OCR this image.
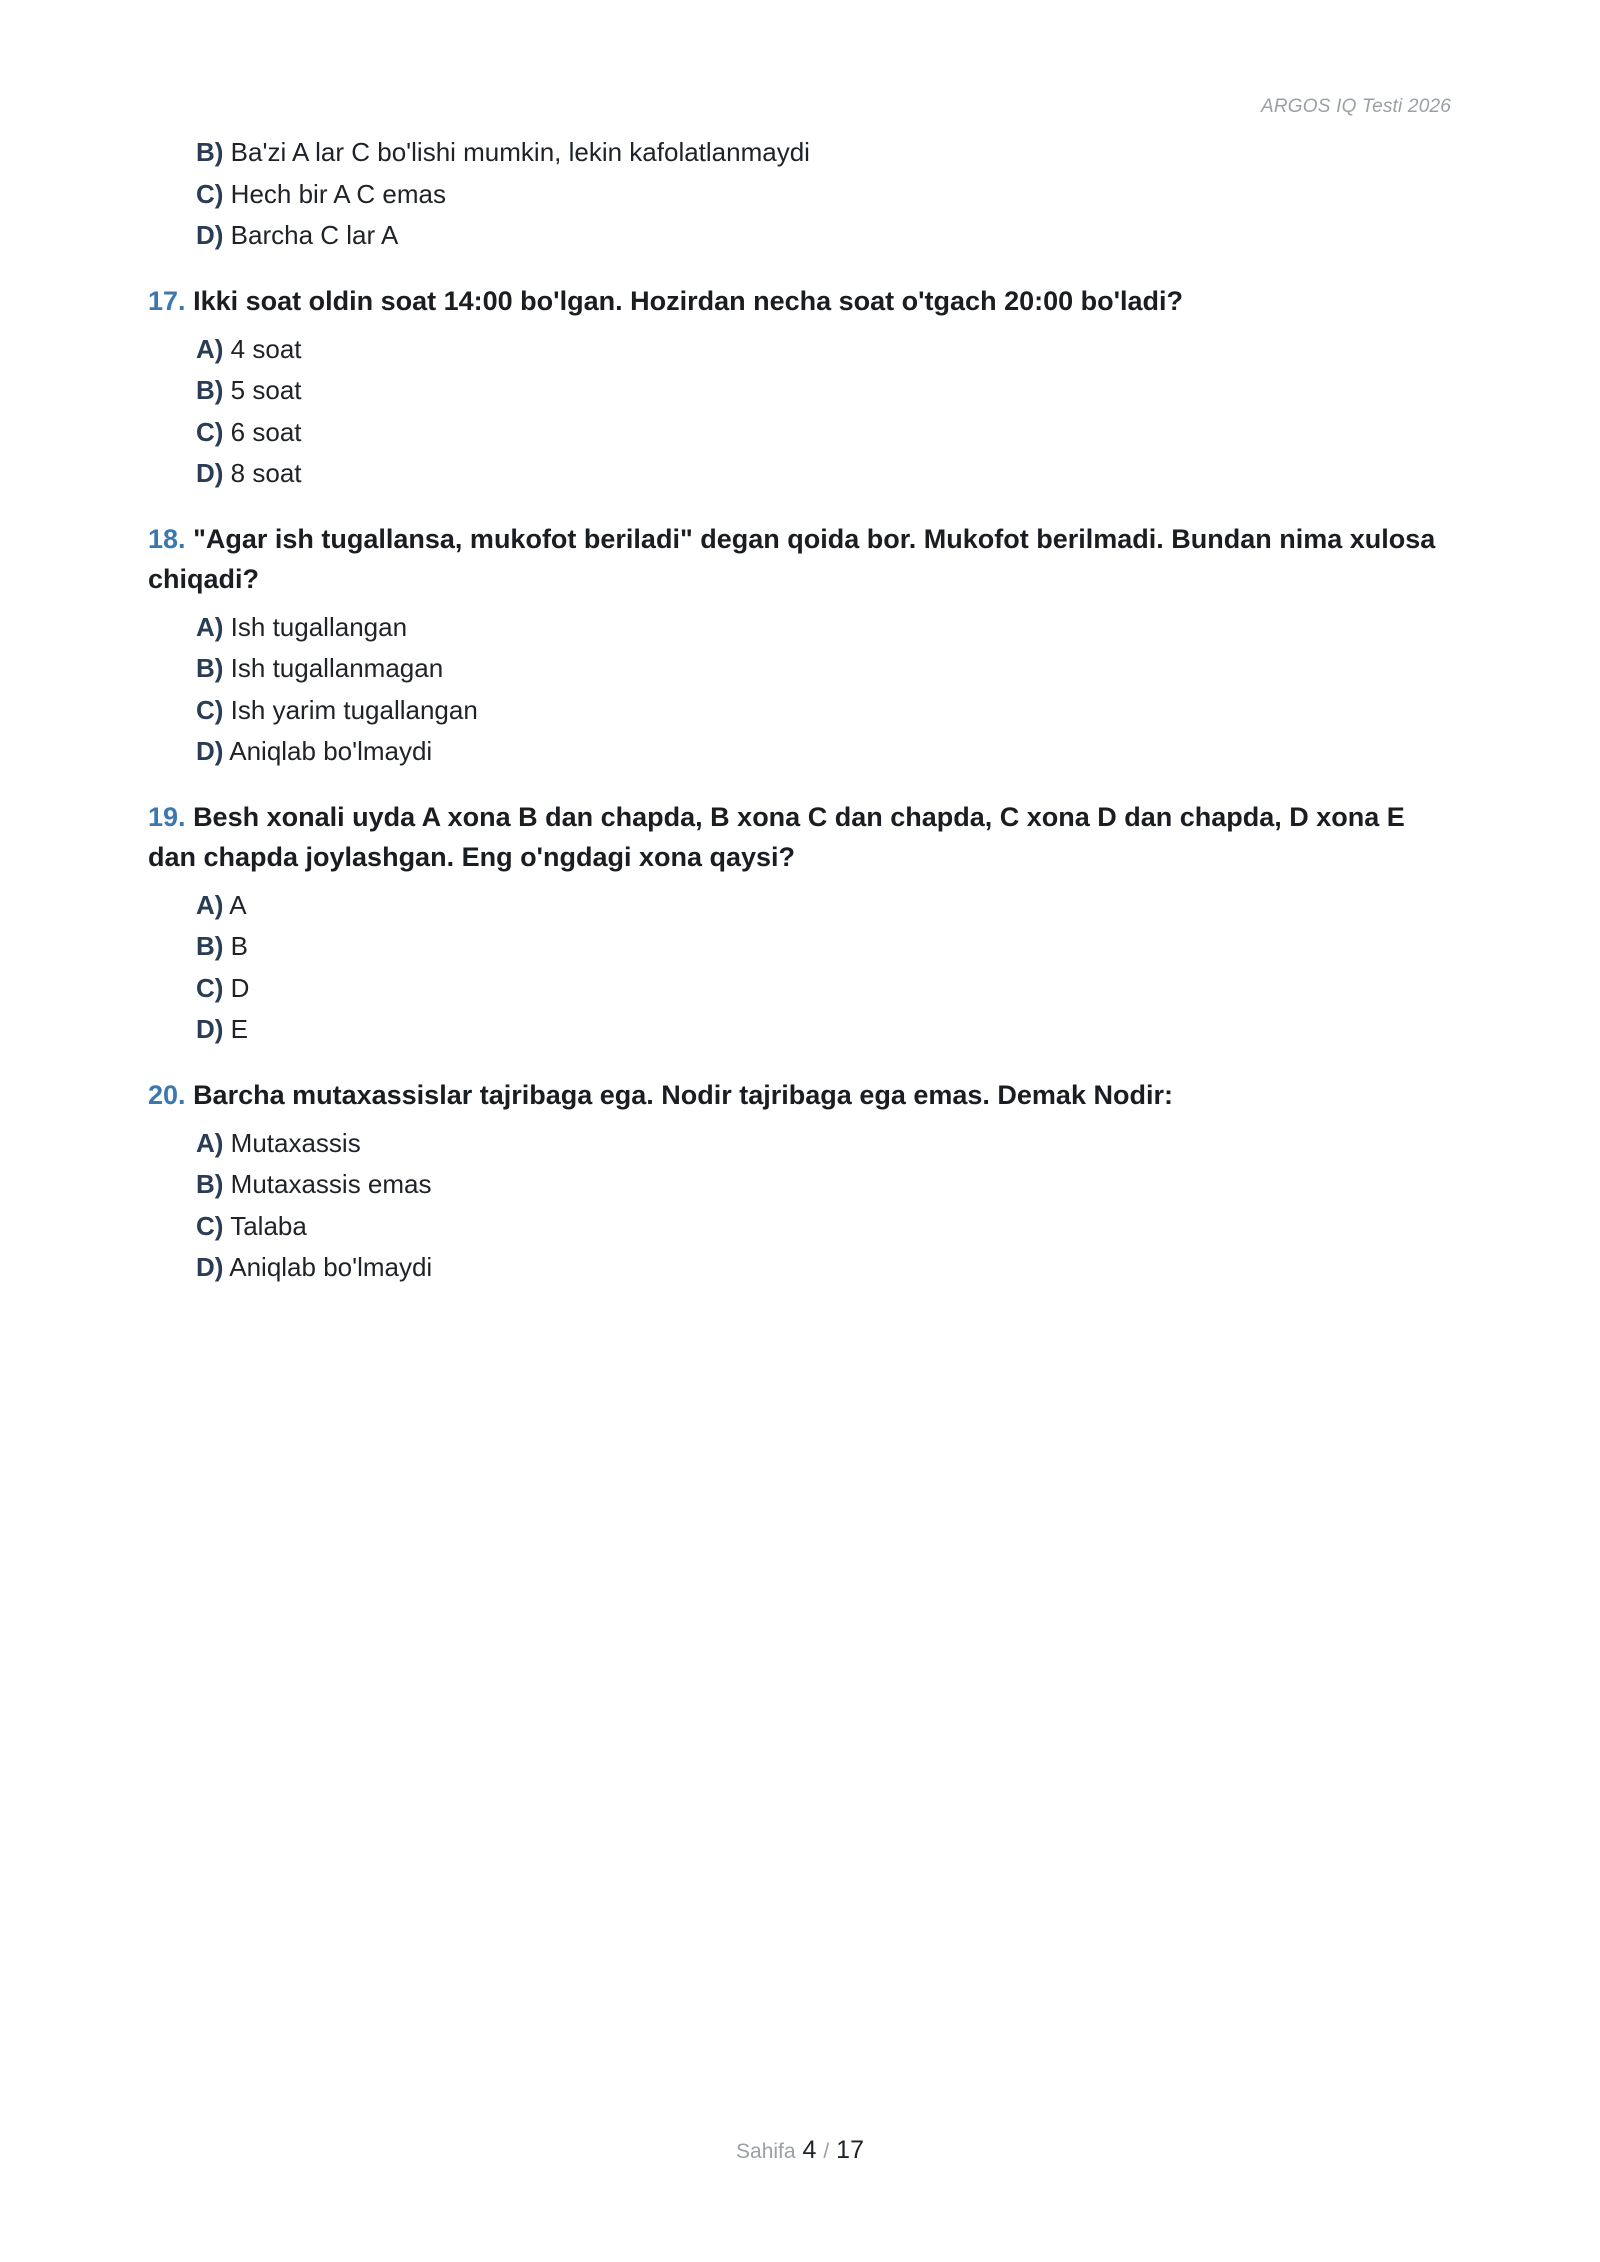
ARGOS IQ Testi 2026
B) Ba'zi A lar C bo'lishi mumkin, lekin kafolatlanmaydi
C) Hech bir A C emas
D) Barcha C lar A

17. Ikki soat oldin soat 14:00 bo'lgan. Hozirdan necha soat o'tgach 20:00 bo'ladi?

A) 4 soat
B) 5 soat
C) 6 soat
D) 8 soat

18. "Agar ish tugallansa, mukofot beriladi" degan qoida bor. Mukofot berilmadi. Bundan nima xulosa chiqadi?

A) Ish tugallangan
B) Ish tugallanmagan
C) Ish yarim tugallangan
D) Aniqlab bo'lmaydi

19. Besh xonali uyda A xona B dan chapda, B xona C dan chapda, C xona D dan chapda, D xona E dan chapda joylashgan. Eng o'ngdagi xona qaysi?

A) A
B) B
C) D
D) E

20. Barcha mutaxassislar tajribaga ega. Nodir tajribaga ega emas. Demak Nodir:

A) Mutaxassis
B) Mutaxassis emas
C) Talaba
D) Aniqlab bo'lmaydi
Sahifa 4 / 17
